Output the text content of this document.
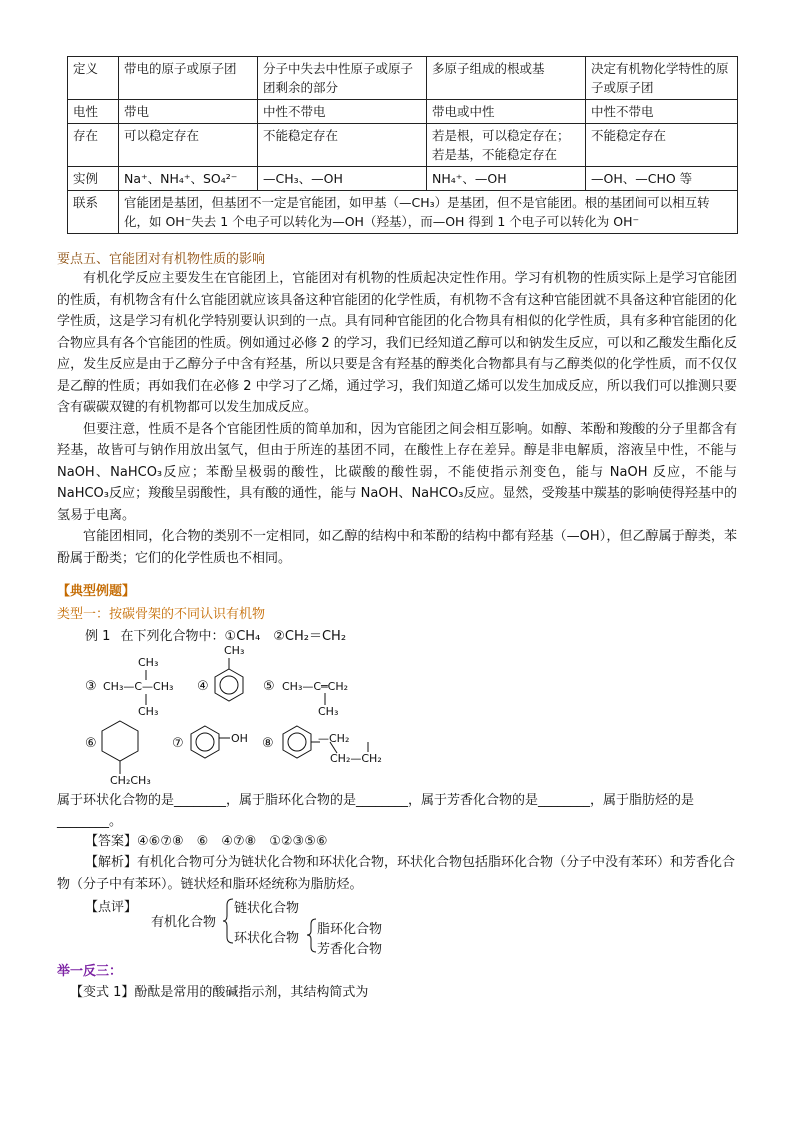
定义	带电的原子或原子团	分子中失去中性原子或原子团剩余的部分	多原子组成的根或基	决定有机物化学特性的原子或原子团
电性	带电	中性不带电	带电或中性	中性不带电
存在	可以稳定存在	不能稳定存在	若是根，可以稳定存在；若是基，不能稳定存在	不能稳定存在
实例	Na⁺、NH₄⁺、SO₄²⁻	—CH₃、—OH	NH₄⁺、—OH	—OH、—CHO 等
联系	官能团是基团，但基团不一定是官能团，如甲基（—CH₃）是基团，但不是官能团。根的基团间可以相互转化，如 OH⁻失去 1 个电子可以转化为—OH（羟基），而—OH 得到 1 个电子可以转化为 OH⁻			
要点五、官能团对有机物性质的影响

有机化学反应主要发生在官能团上，官能团对有机物的性质起决定性作用。学习有机物的性质实际上是学习官能团的性质，有机物含有什么官能团就应该具备这种官能团的化学性质，有机物不含有这种官能团就不具备这种官能团的化学性质，这是学习有机化学特别要认识到的一点。具有同种官能团的化合物具有相似的化学性质，具有多种官能团的化合物应具有各个官能团的性质。例如通过必修 2 的学习，我们已经知道乙醇可以和钠发生反应，可以和乙酸发生酯化反应，发生反应是由于乙醇分子中含有羟基，所以只要是含有羟基的醇类化合物都具有与乙醇类似的化学性质，而不仅仅是乙醇的性质；再如我们在必修 2 中学习了乙烯，通过学习，我们知道乙烯可以发生加成反应，所以我们可以推测只要含有碳碳双键的有机物都可以发生加成反应。

但要注意，性质不是各个官能团性质的简单加和，因为官能团之间会相互影响。如醇、苯酚和羧酸的分子里都含有羟基，故皆可与钠作用放出氢气，但由于所连的基团不同，在酸性上存在差异。醇是非电解质，溶液呈中性，不能与 NaOH、NaHCO₃反应；苯酚呈极弱的酸性，比碳酸的酸性弱，不能使指示剂变色，能与 NaOH 反应，不能与 NaHCO₃反应；羧酸呈弱酸性，具有酸的通性，能与 NaOH、NaHCO₃反应。显然，受羧基中羰基的影响使得羟基中的氢易于电离。

官能团相同，化合物的类别不一定相同，如乙醇的结构中和苯酚的结构中都有羟基（—OH），但乙醇属于醇类，苯酚属于酚类；它们的化学性质也不相同。

【典型例题】
类型一：按碳骨架的不同认识有机物
例 1 在下列化合物中：①CH₄　②CH₂＝CH₂
③
CH₃
CH₃—C—CH₃
CH₃
④
CH₃
⑤ CH₃—C═CH₂
CH₃
⑥
CH₂CH₃
⑦	OH ⑧	—CH₂
CH₂—CH₂
属于环状化合物的是________，属于脂环化合物的是________，属于芳香化合物的是________，属于脂肪烃的是________。
【答案】④⑥⑦⑧　⑥　④⑦⑧　①②③⑤⑥
【解析】有机化合物可分为链状化合物和环状化合物，环状化合物包括脂环化合物（分子中没有苯环）和芳香化合物（分子中有苯环）。链状烃和脂环烃统称为脂肪烃。
【点评】
有机化合物
链状化合物
环状化合物
脂环化合物
芳香化合物
举一反三：
【变式 1】酚酞是常用的酸碱指示剂，其结构简式为
